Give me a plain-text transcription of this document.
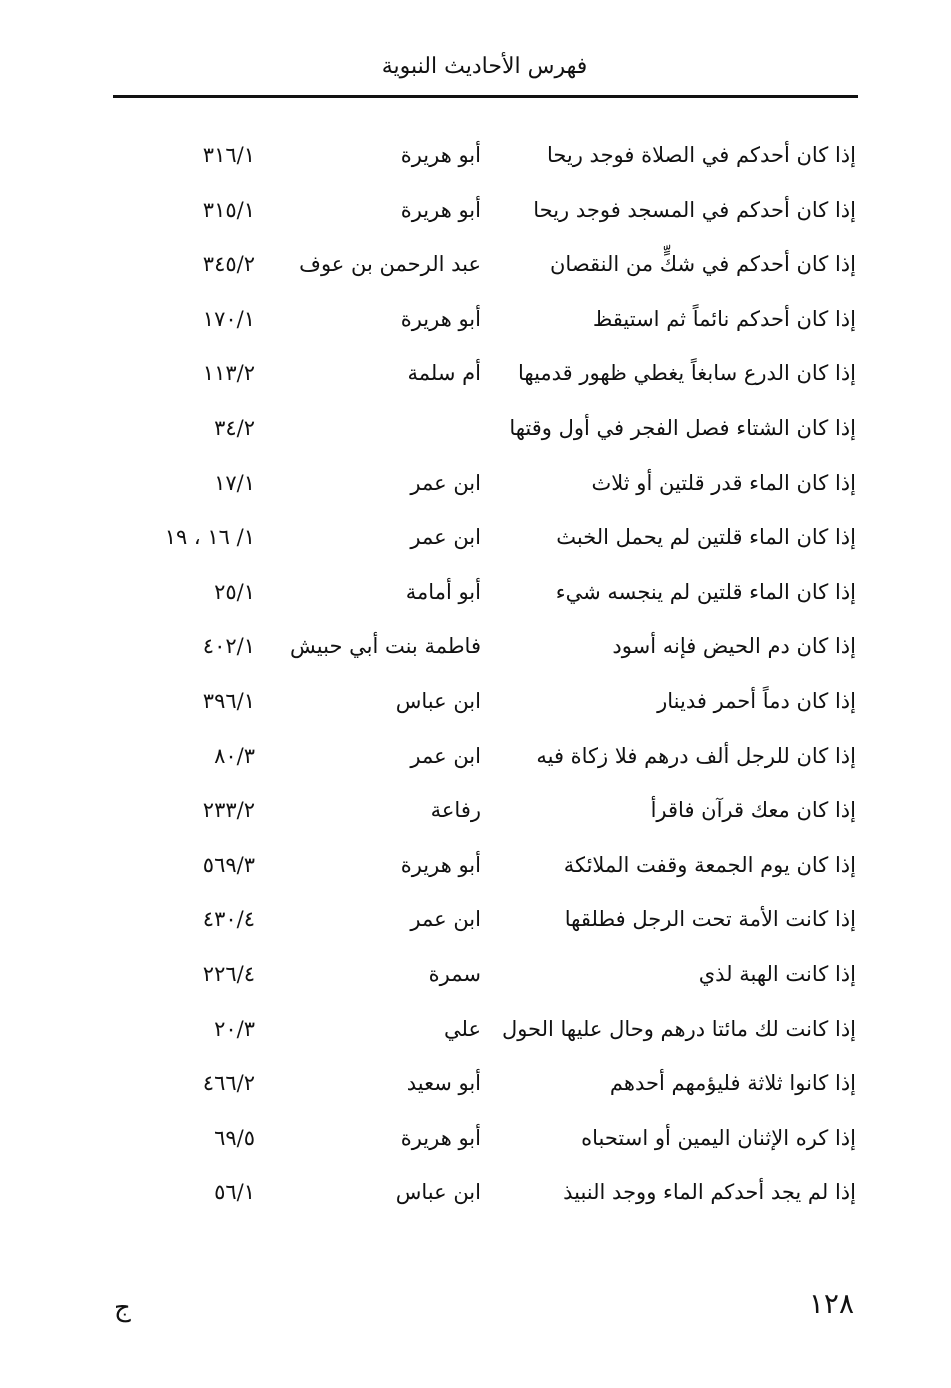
فهرس الأحاديث النبوية
إذا كان أحدكم في الصلاة فوجد ريحا
أبو هريرة
٣١٦/١
إذا كان أحدكم في المسجد فوجد ريحا
أبو هريرة
٣١٥/١
إذا كان أحدكم في شكٍّ من النقصان
عبد الرحمن بن عوف
٣٤٥/٢
إذا كان أحدكم نائماً ثم استيقظ
أبو هريرة
١٧٠/١
إذا كان الدرع سابغاً يغطي ظهور قدميها
أم سلمة
١١٣/٢
إذا كان الشتاء فصل الفجر في أول وقتها
٣٤/٢
إذا كان الماء قدر قلتين أو ثلاث
ابن عمر
١٧/١
إذا كان الماء قلتين لم يحمل الخبث
ابن عمر
١/ ١٦ ، ١٩
إذا كان الماء قلتين لم ينجسه شيء
أبو أمامة
٢٥/١
إذا كان دم الحيض فإنه أسود
فاطمة بنت أبي حبيش
٤٠٢/١
إذا كان دماً أحمر فدينار
ابن عباس
٣٩٦/١
إذا كان للرجل ألف درهم فلا زكاة فيه
ابن عمر
٨٠/٣
إذا كان معك قرآن فاقرأ
رفاعة
٢٣٣/٢
إذا كان يوم الجمعة وقفت الملائكة
أبو هريرة
٥٦٩/٣
إذا كانت الأمة تحت الرجل فطلقها
ابن عمر
٤٣٠/٤
إذا كانت الهبة لذي
سمرة
٢٢٦/٤
إذا كانت لك مائتا درهم وحال عليها الحول
علي
٢٠/٣
إذا كانوا ثلاثة فليؤمهم أحدهم
أبو سعيد
٤٦٦/٢
إذا كره الإثنان اليمين أو استحباه
أبو هريرة
٦٩/٥
إذا لم يجد أحدكم الماء ووجد النبيذ
ابن عباس
٥٦/١
١٢٨
ج
